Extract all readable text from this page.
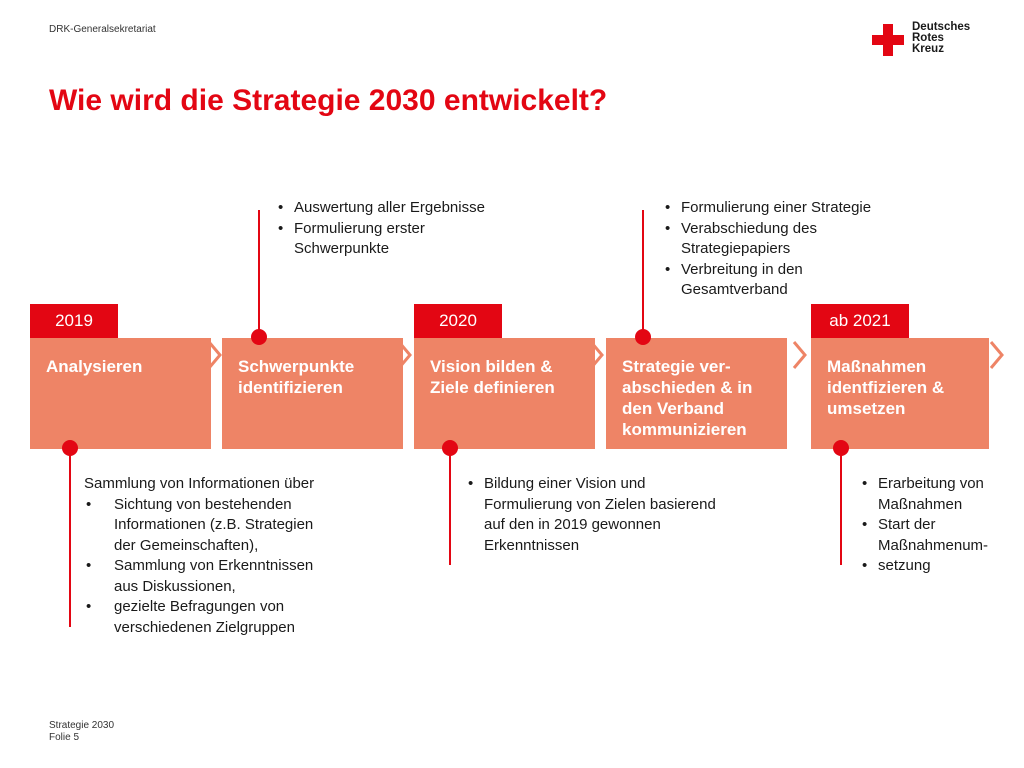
DRK-Generalsekretariat	Deutsches
Rotes
Kreuz
Wie wird die Strategie 2030 entwickelt?
2019	2020	ab 2021
Analysieren	Schwerpunkte
identifizieren
Vision bilden &
Ziele definieren
Strategie ver-
abschieden & in
den Verband
kommunizieren
Maßnahmen
identfizieren &
umsetzen
• Auswertung aller Ergebnisse
• Formulierung erster
Schwerpunkte
• Formulierung einer Strategie
• Verabschiedung des
Strategiepapiers
• Verbreitung in den
Gesamtverband
Sammlung von Informationen über
• Sichtung von bestehenden
Informationen (z.B. Strategien
der Gemeinschaften),
• Sammlung von Erkenntnissen
aus Diskussionen,
• gezielte Befragungen von
verschiedenen Zielgruppen
• Bildung einer Vision und
Formulierung von Zielen basierend
auf den in 2019 gewonnen
Erkenntnissen
• Erarbeitung von
Maßnahmen
• Start der
Maßnahmenum-
• setzung
Strategie 2030
Folie 5
